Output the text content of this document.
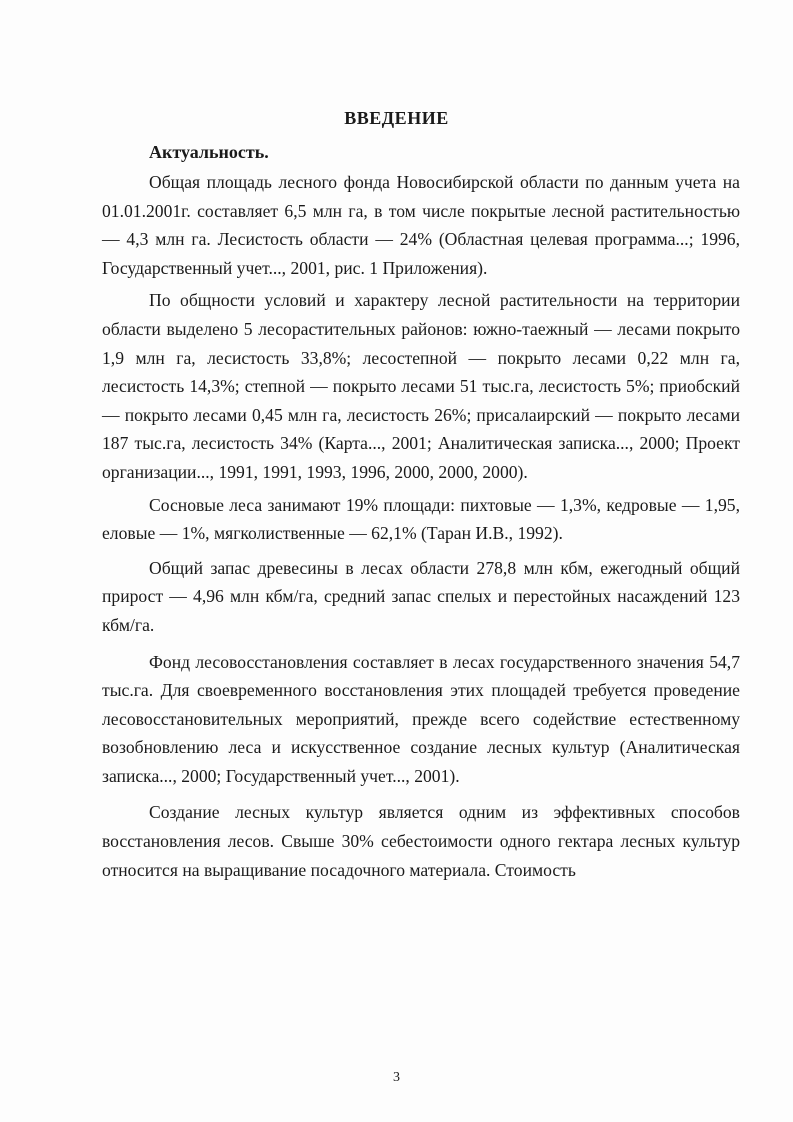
ВВЕДЕНИЕ
Актуальность.

Общая площадь лесного фонда Новосибирской области по данным учета на 01.01.2001г. составляет 6,5 млн га, в том числе покрытые лесной растительностью — 4,3 млн га. Лесистость области — 24% (Областная целевая программа...; 1996, Государственный учет..., 2001, рис. 1 Приложения).

По общности условий и характеру лесной растительности на территории области выделено 5 лесорастительных районов: южно-таежный — лесами покрыто 1,9 млн га, лесистость 33,8%; лесостепной — покрыто лесами 0,22 млн га, лесистость 14,3%; степной — покрыто лесами 51 тыс.га, лесистость 5%; приобский — покрыто лесами 0,45 млн га, лесистость 26%; присалаирский — покрыто лесами 187 тыс.га, лесистость 34% (Карта..., 2001; Аналитическая записка..., 2000; Проект организации..., 1991, 1991, 1993, 1996, 2000, 2000, 2000).

Сосновые леса занимают 19% площади: пихтовые — 1,3%, кедровые — 1,95, еловые — 1%, мягколиственные — 62,1% (Таран И.В., 1992).

Общий запас древесины в лесах области 278,8 млн кбм, ежегодный общий прирост — 4,96 млн кбм/га, средний запас спелых и перестойных насаждений 123 кбм/га.

Фонд лесовосстановления составляет в лесах государственного значения 54,7 тыс.га. Для своевременного восстановления этих площадей требуется проведение лесовосстановительных мероприятий, прежде всего содействие естественному возобновлению леса и искусственное создание лесных культур (Аналитическая записка..., 2000; Государственный учет..., 2001).

Создание лесных культур является одним из эффективных способов восстановления лесов. Свыше 30% себестоимости одного гектара лесных культур относится на выращивание посадочного материала. Стоимость

3
